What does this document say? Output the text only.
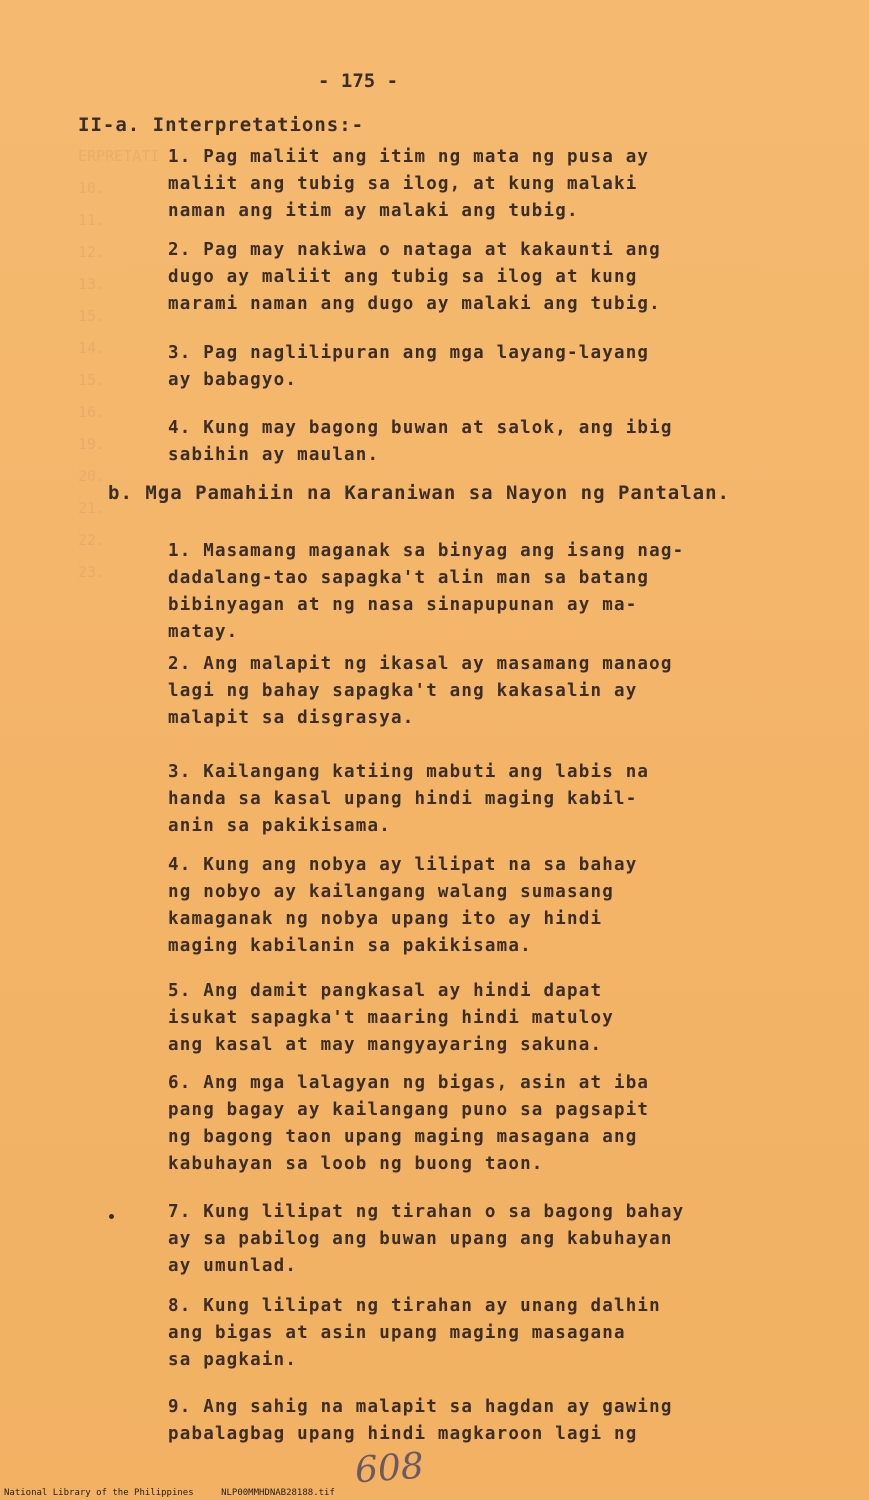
ERPRETATI
10.
11.
12.
13.
15.
14.
15.
16.
19.
20.
21.
22.
23.
- 175 -
II-a. Interpretations:-
1. Pag maliit ang itim ng mata ng pusa ay
maliit ang tubig sa ilog, at kung malaki
naman ang itim ay malaki ang tubig.
2. Pag may nakiwa o nataga at kakaunti ang
dugo ay maliit ang tubig sa ilog at kung
marami naman ang dugo ay malaki ang tubig.
3. Pag naglilipuran ang mga layang-layang
ay babagyo.
4. Kung may bagong buwan at salok, ang ibig
sabihin ay maulan.
b. Mga Pamahiin na Karaniwan sa Nayon ng Pantalan.
1. Masamang maganak sa binyag ang isang nag-
dadalang-tao sapagka't alin man sa batang
bibinyagan at ng nasa sinapupunan ay ma-
matay.
2. Ang malapit ng ikasal ay masamang manaog
lagi ng bahay sapagka't ang kakasalin ay
malapit sa disgrasya.
3. Kailangang katiing mabuti ang labis na
handa sa kasal upang hindi maging kabil-
anin sa pakikisama.
4. Kung ang nobya ay lilipat na sa bahay
ng nobyo ay kailangang walang sumasang
kamaganak ng nobya upang ito ay hindi
maging kabilanin sa pakikisama.
5. Ang damit pangkasal ay hindi dapat
isukat sapagka't maaring hindi matuloy
ang kasal at may mangyayaring sakuna.
6. Ang mga lalagyan ng bigas, asin at iba
pang bagay ay kailangang puno sa pagsapit
ng bagong taon upang maging masagana ang
kabuhayan sa loob ng buong taon.
7. Kung lilipat ng tirahan o sa bagong bahay
ay sa pabilog ang buwan upang ang kabuhayan
ay umunlad.
8. Kung lilipat ng tirahan ay unang dalhin
ang bigas at asin upang maging masagana
sa pagkain.
9. Ang sahig na malapit sa hagdan ay gawing
pabalagbag upang hindi magkaroon lagi ng
608
National Library of the Philippines	NLP00MMHDNAB28188.tif
